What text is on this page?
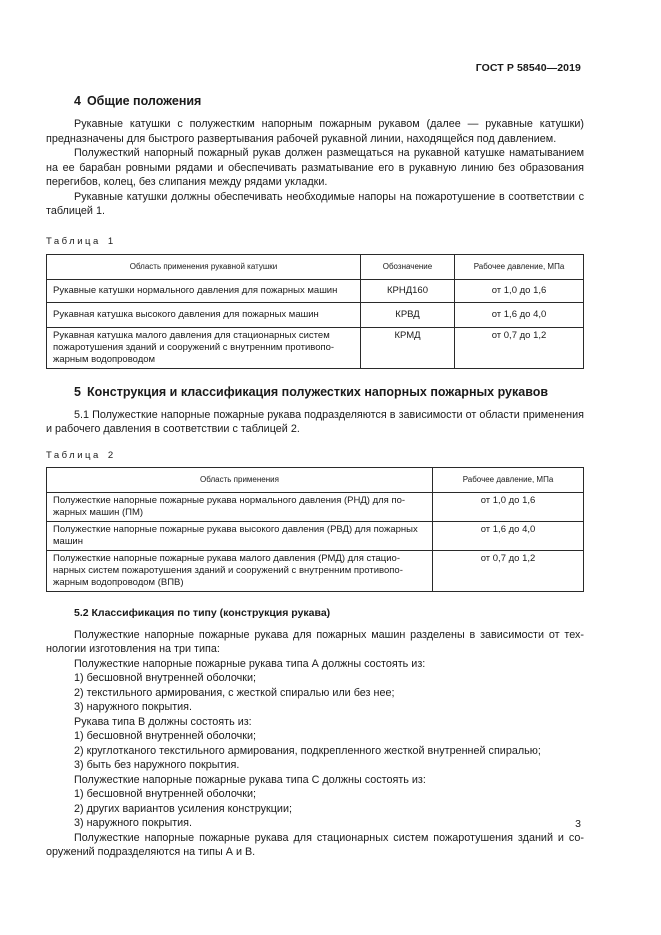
ГОСТ Р 58540—2019
4 Общие положения

Рукавные катушки с полужестким напорным пожарным рукавом (далее — рукавные катушки) предназначены для быстрого развертывания рабочей рукавной линии, находящейся под давлением.

Полужесткий напорный пожарный рукав должен размещаться на рукавной катушке наматыванием на ее барабан ровными рядами и обеспечивать разматывание его в рукавную линию без образования перегибов, колец, без слипания между рядами укладки.

Рукавные катушки должны обеспечивать необходимые напоры на пожаротушение в соответствии с таблицей 1.

Таблица 1
Область применения рукавной катушки	Обозначение	Рабочее давление, МПа
Рукавные катушки нормального давления для пожарных машин	КРНД160	от 1,0 до 1,6
Рукавная катушка высокого давления для пожарных машин	КРВД	от 1,6 до 4,0
Рукавная катушка малого давления для стационарных систем пожаротушения зданий и сооружений с внутренним противопожарным водопроводом	КРМД	от 0,7 до 1,2
5 Конструкция и классификация полужестких напорных пожарных рукавов

5.1 Полужесткие напорные пожарные рукава подразделяются в зависимости от области применения и рабочего давления в соответствии с таблицей 2.

Таблица 2
Область применения	Рабочее давление, МПа
Полужесткие напорные пожарные рукава нормального давления (РНД) для пожарных машин (ПМ)	от 1,0 до 1,6
Полужесткие напорные пожарные рукава высокого давления (РВД) для пожарных машин	от 1,6 до 4,0
Полужесткие напорные пожарные рукава малого давления (РМД) для стационарных систем пожаротушения зданий и сооружений с внутренним противопожарным водопроводом (ВПВ)	от 0,7 до 1,2
5.2 Классификация по типу (конструкция рукава)

Полужесткие напорные пожарные рукава для пожарных машин разделены в зависимости от технологии изготовления на три типа:

Полужесткие напорные пожарные рукава типа А должны состоять из:
1) бесшовной внутренней оболочки;
2) текстильного армирования, с жесткой спиралью или без нее;
3) наружного покрытия.
Рукава типа В должны состоять из:
1) бесшовной внутренней оболочки;
2) круглотканого текстильного армирования, подкрепленного жесткой внутренней спиралью;
3) быть без наружного покрытия.
Полужесткие напорные пожарные рукава типа С должны состоять из:
1) бесшовной внутренней оболочки;
2) других вариантов усиления конструкции;
3) наружного покрытия.

Полужесткие напорные пожарные рукава для стационарных систем пожаротушения зданий и сооружений подразделяются на типы А и В.

3
